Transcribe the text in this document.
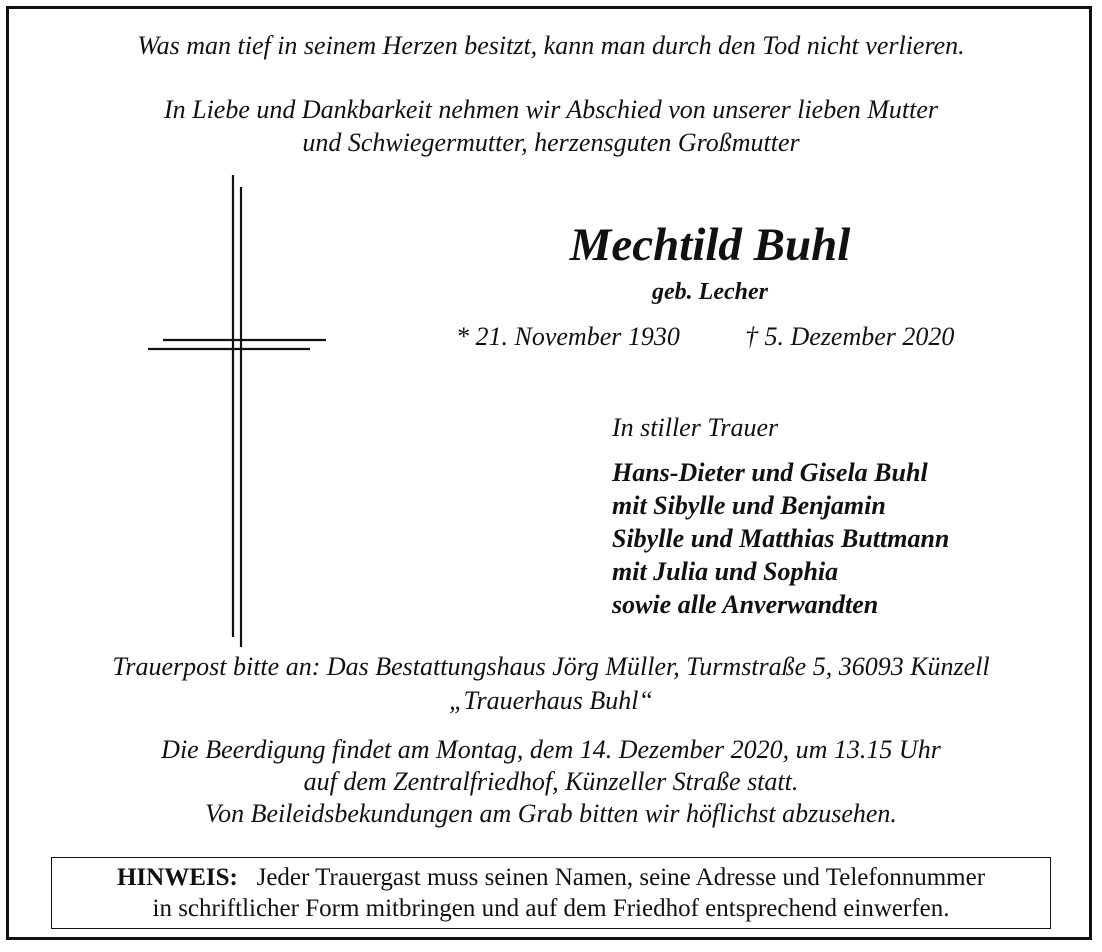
Was man tief in seinem Herzen besitzt, kann man durch den Tod nicht verlieren.
In Liebe und Dankbarkeit nehmen wir Abschied von unserer lieben Mutter
und Schwiegermutter, herzensguten Großmutter
Mechtild Buhl
geb. Lecher
* 21. November 1930	† 5. Dezember 2020
In stiller Trauer
Hans-Dieter und Gisela Buhl
mit Sibylle und Benjamin
Sibylle und Matthias Buttmann
mit Julia und Sophia
sowie alle Anverwandten
Trauerpost bitte an: Das Bestattungshaus Jörg Müller, Turmstraße 5, 36093 Künzell
„Trauerhaus Buhl“
Die Beerdigung findet am Montag, dem 14. Dezember 2020, um 13.15 Uhr
auf dem Zentralfriedhof, Künzeller Straße statt.
Von Beileidsbekundungen am Grab bitten wir höflichst abzusehen.
HINWEIS: Jeder Trauergast muss seinen Namen, seine Adresse und Telefonnummer
in schriftlicher Form mitbringen und auf dem Friedhof entsprechend einwerfen.
